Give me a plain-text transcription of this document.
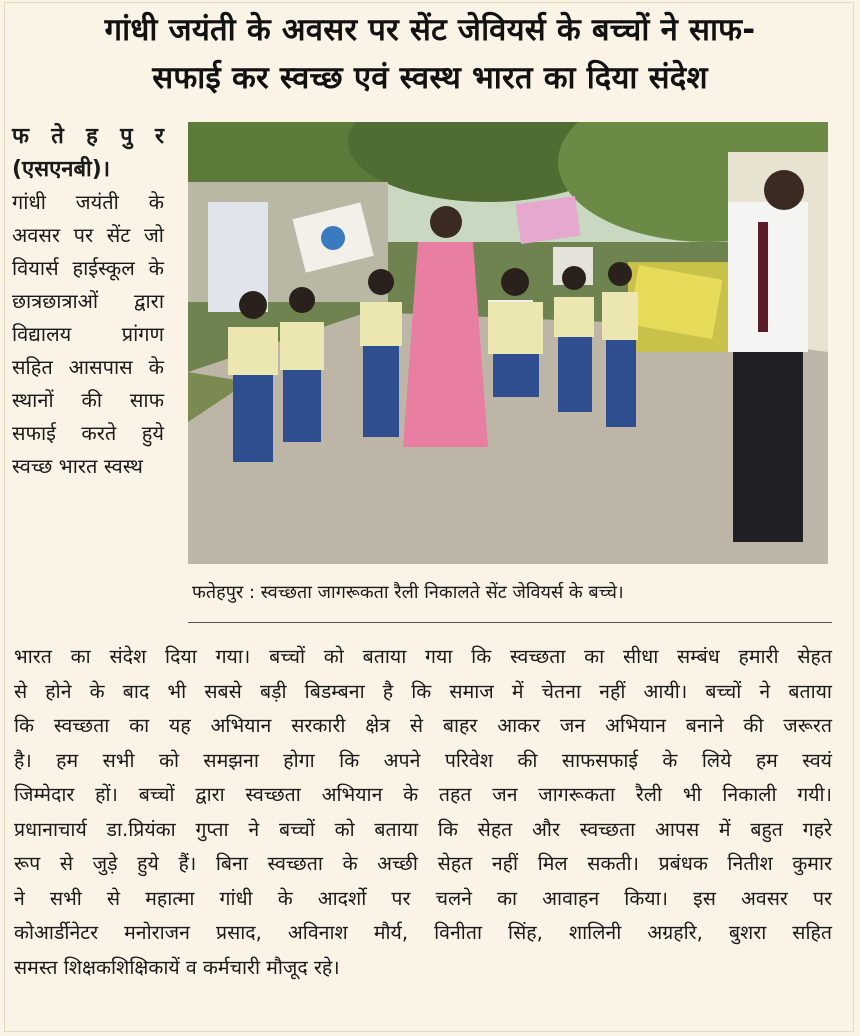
गांधी जयंती के अवसर पर सेंट जेवियर्स के बच्चों ने साफ-
सफाई कर स्वच्छ एवं स्वस्थ भारत का दिया संदेश
फ ते ह पु र (एसएनबी)।
गांधी जयंती के अवसर पर सेंट जो वियार्स हाईस्कूल के छात्रछात्राओं द्वारा विद्यालय प्रांगण सहित आसपास के स्थानों की साफ सफाई करते हुये स्वच्छ भारत स्वस्थ
फतेहपुर : स्वच्छता जागरूकता रैली निकालते सेंट जेवियर्स के बच्चे।
भारत का संदेश दिया गया। बच्चों को बताया गया कि स्वच्छता का सीधा सम्बंध हमारी सेहत
से होने के बाद भी सबसे बड़ी बिडम्बना है कि समाज में चेतना नहीं आयी। बच्चों ने बताया
कि स्वच्छता का यह अभियान सरकारी क्षेत्र से बाहर आकर जन अभियान बनाने की जरूरत
है। हम सभी को समझना होगा कि अपने परिवेश की साफसफाई के लिये हम स्वयं
जिम्मेदार हों। बच्चों द्वारा स्वच्छता अभियान के तहत जन जागरूकता रैली भी निकाली गयी।
प्रधानाचार्य डा.प्रियंका गुप्ता ने बच्चों को बताया कि सेहत और स्वच्छता आपस में बहुत गहरे
रूप से जुड़े हुये हैं। बिना स्वच्छता के अच्छी सेहत नहीं मिल सकती। प्रबंधक नितीश कुमार
ने सभी से महात्मा गांधी के आदर्शो पर चलने का आवाहन किया। इस अवसर पर
कोआर्डीनेटर मनोराजन प्रसाद, अविनाश मौर्य, विनीता सिंह, शालिनी अग्रहरि, बुशरा सहित
समस्त शिक्षकशिक्षिकायें व कर्मचारी मौजूद रहे।
